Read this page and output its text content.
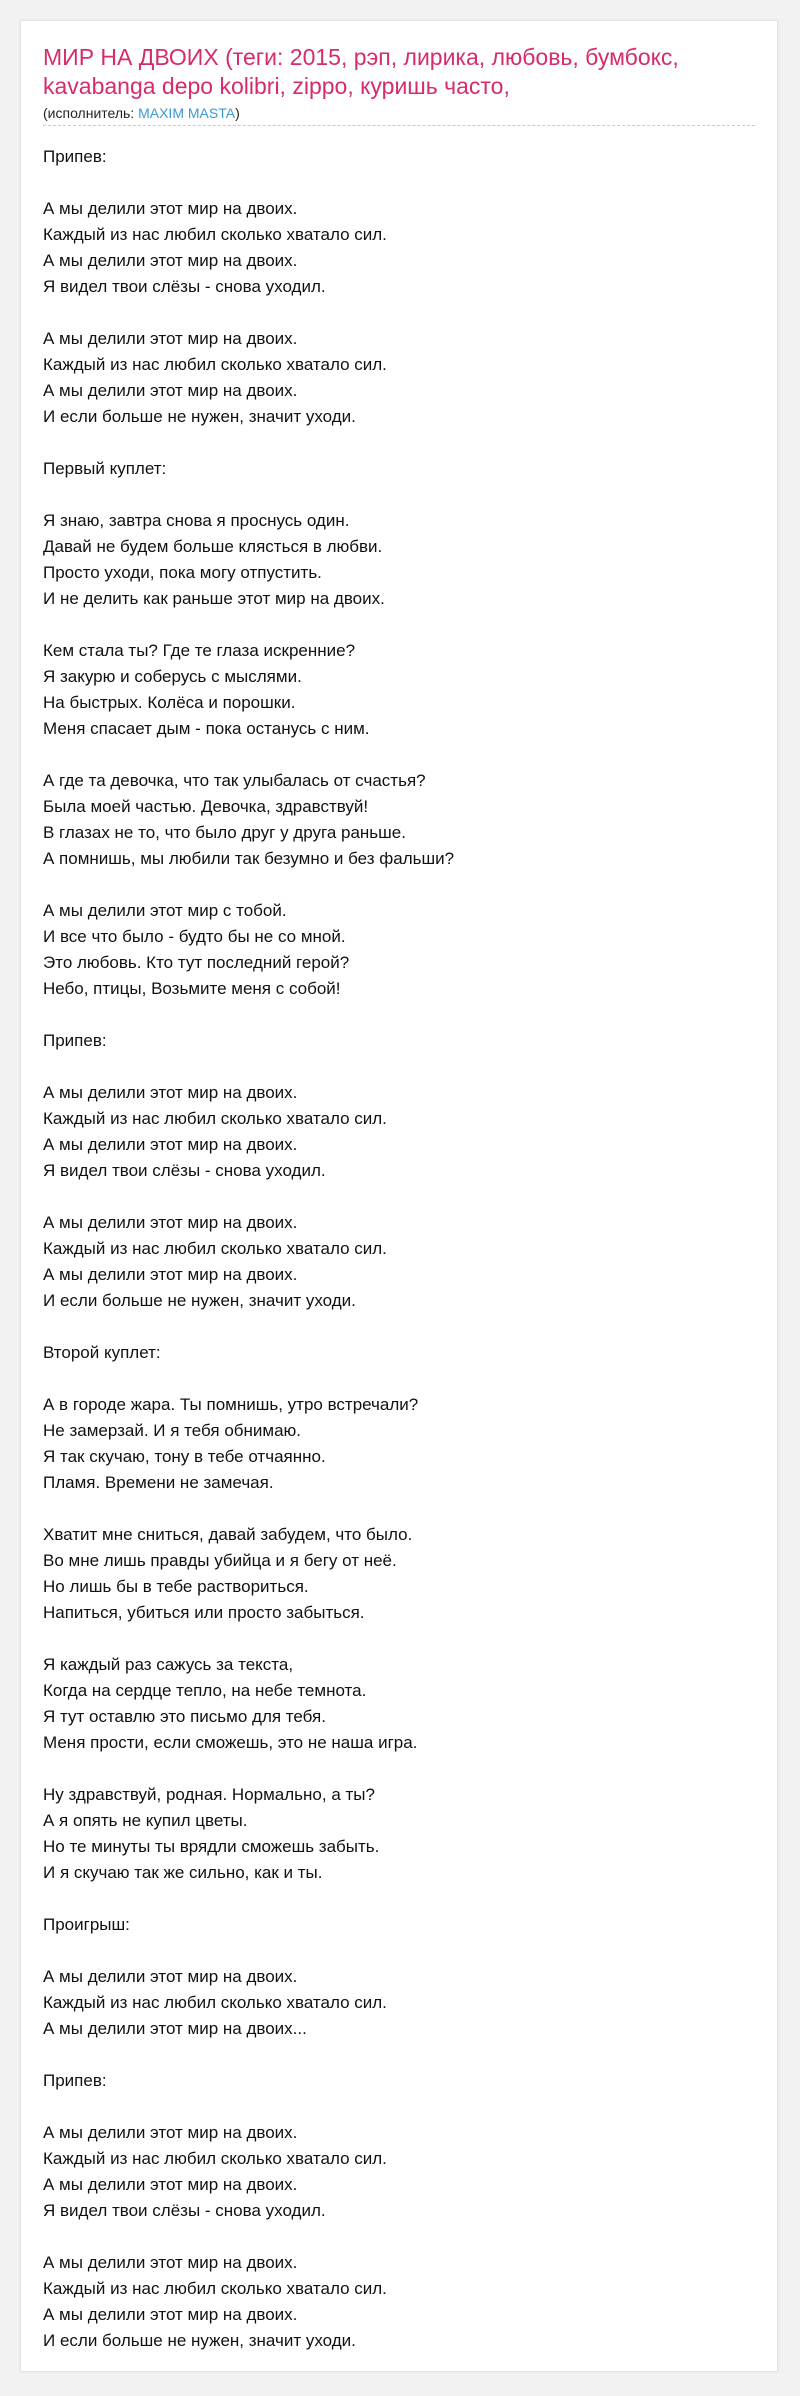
МИР НА ДВОИХ (теги: 2015, рэп, лирика, любовь, бумбокс, kavabanga depo kolibri, zippo, куришь часто,
(исполнитель: MAXIM MASTA)
Припев:

А мы делили этот мир на двоих.
Каждый из нас любил сколько хватало сил.
А мы делили этот мир на двоих.
Я видел твои слёзы - снова уходил.

А мы делили этот мир на двоих.
Каждый из нас любил сколько хватало сил.
А мы делили этот мир на двоих.
И если больше не нужен, значит уходи.

Первый куплет:

Я знаю, завтра снова я проснусь один.
Давай не будем больше клясться в любви.
Просто уходи, пока могу отпустить.
И не делить как раньше этот мир на двоих.

Кем стала ты? Где те глаза искренние?
Я закурю и соберусь с мыслями.
На быстрых. Колёса и порошки.
Меня спасает дым - пока останусь с ним.

А где та девочка, что так улыбалась от счастья?
Была моей частью. Девочка, здравствуй!
В глазах не то, что было друг у друга раньше.
А помнишь, мы любили так безумно и без фальши?

А мы делили этот мир с тобой.
И все что было - будто бы не со мной.
Это любовь. Кто тут последний герой?
Небо, птицы, Возьмите меня с собой!

Припев:

А мы делили этот мир на двоих.
Каждый из нас любил сколько хватало сил.
А мы делили этот мир на двоих.
Я видел твои слёзы - снова уходил.

А мы делили этот мир на двоих.
Каждый из нас любил сколько хватало сил.
А мы делили этот мир на двоих.
И если больше не нужен, значит уходи.

Второй куплет:

А в городе жара. Ты помнишь, утро встречали?
Не замерзай. И я тебя обнимаю.
Я так скучаю, тону в тебе отчаянно.
Пламя. Времени не замечая.

Хватит мне сниться, давай забудем, что было.
Во мне лишь правды убийца и я бегу от неё.
Но лишь бы в тебе раствориться.
Напиться, убиться или просто забыться.

Я каждый раз сажусь за текста,
Когда на сердце тепло, на небе темнота.
Я тут оставлю это письмо для тебя.
Меня прости, если сможешь, это не наша игра.

Ну здравствуй, родная. Нормально, а ты?
А я опять не купил цветы.
Но те минуты ты врядли сможешь забыть.
И я скучаю так же сильно, как и ты.

Проигрыш:

А мы делили этот мир на двоих.
Каждый из нас любил сколько хватало сил.
А мы делили этот мир на двоих...

Припев:

А мы делили этот мир на двоих.
Каждый из нас любил сколько хватало сил.
А мы делили этот мир на двоих.
Я видел твои слёзы - снова уходил.

А мы делили этот мир на двоих.
Каждый из нас любил сколько хватало сил.
А мы делили этот мир на двоих.
И если больше не нужен, значит уходи.
